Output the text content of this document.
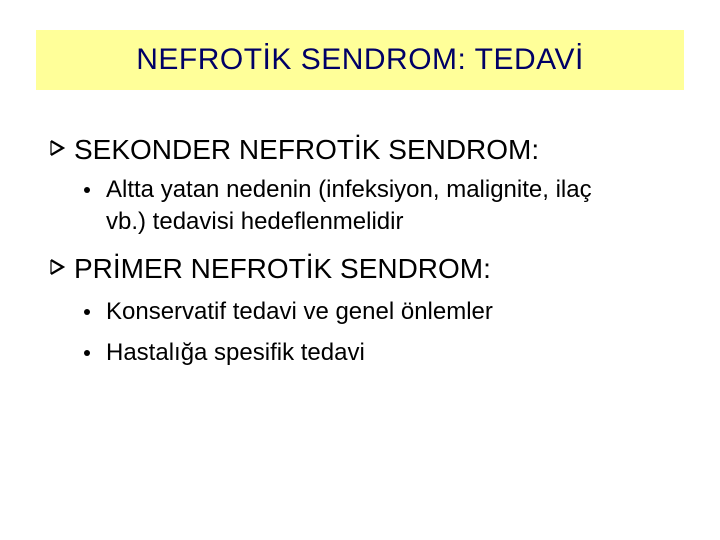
NEFROTİK SENDROM: TEDAVİ
SEKONDER NEFROTİK SENDROM:
Altta yatan nedenin (infeksiyon, malignite, ilaç
vb.) tedavisi hedeflenmelidir
PRİMER NEFROTİK SENDROM:
Konservatif tedavi ve genel önlemler
Hastalığa spesifik tedavi
